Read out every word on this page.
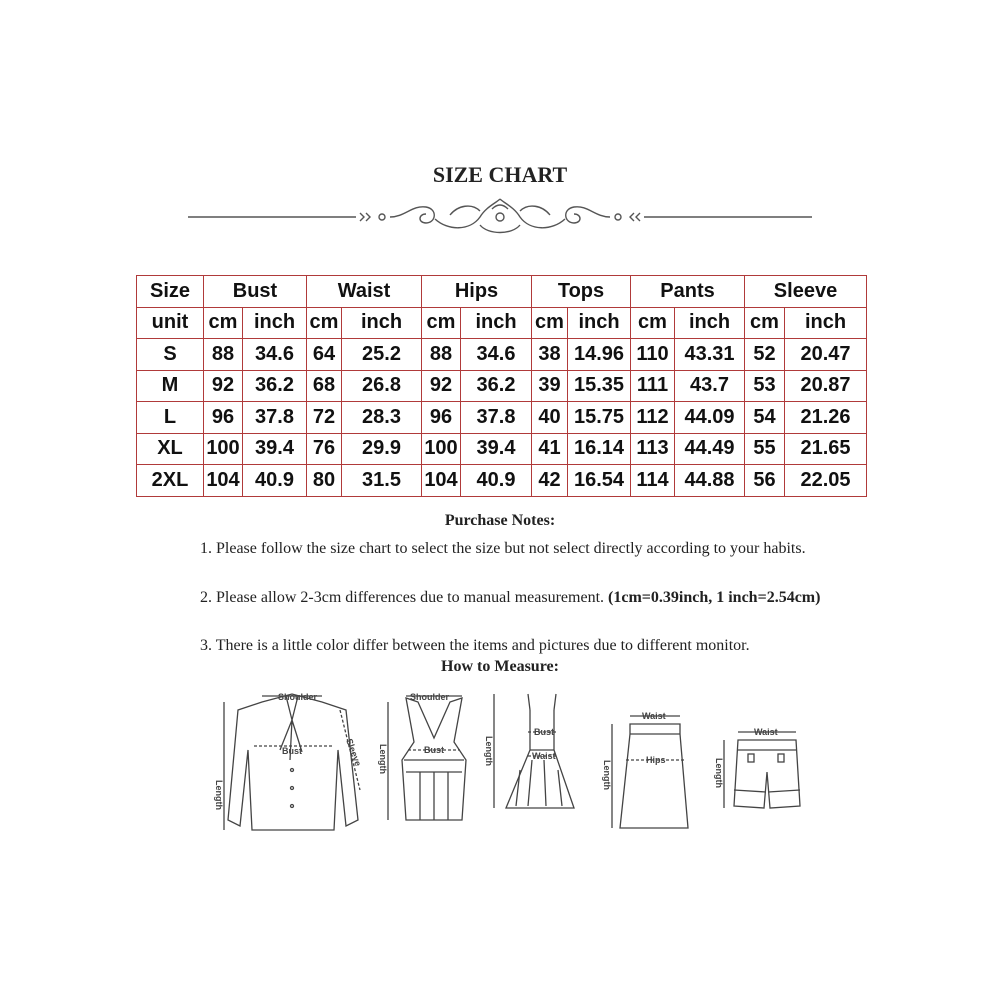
SIZE CHART
Size	Bust		Waist		Hips		Tops		Pants		Sleeve	
unit	cm	inch	cm	inch	cm	inch	cm	inch	cm	inch	cm	inch
S	88	34.6	64	25.2	88	34.6	38	14.96	110	43.31	52	20.47
M	92	36.2	68	26.8	92	36.2	39	15.35	111	43.7	53	20.87
L	96	37.8	72	28.3	96	37.8	40	15.75	112	44.09	54	21.26
XL	100	39.4	76	29.9	100	39.4	41	16.14	113	44.49	55	21.65
2XL	104	40.9	80	31.5	104	40.9	42	16.54	114	44.88	56	22.05
Purchase Notes:
1. Please follow the size chart to select the size but not select directly according to your habits.
2. Please allow 2-3cm differences due to manual measurement. (1cm=0.39inch, 1 inch=2.54cm)
3. There is a little color differ between the items and pictures due to different monitor.
How to Measure:
Shoulder
Bust
Length
Sleeve
Shoulder
Bust
Length
Bust
Waist
Length
Waist
Hips
Length
Waist
Length
